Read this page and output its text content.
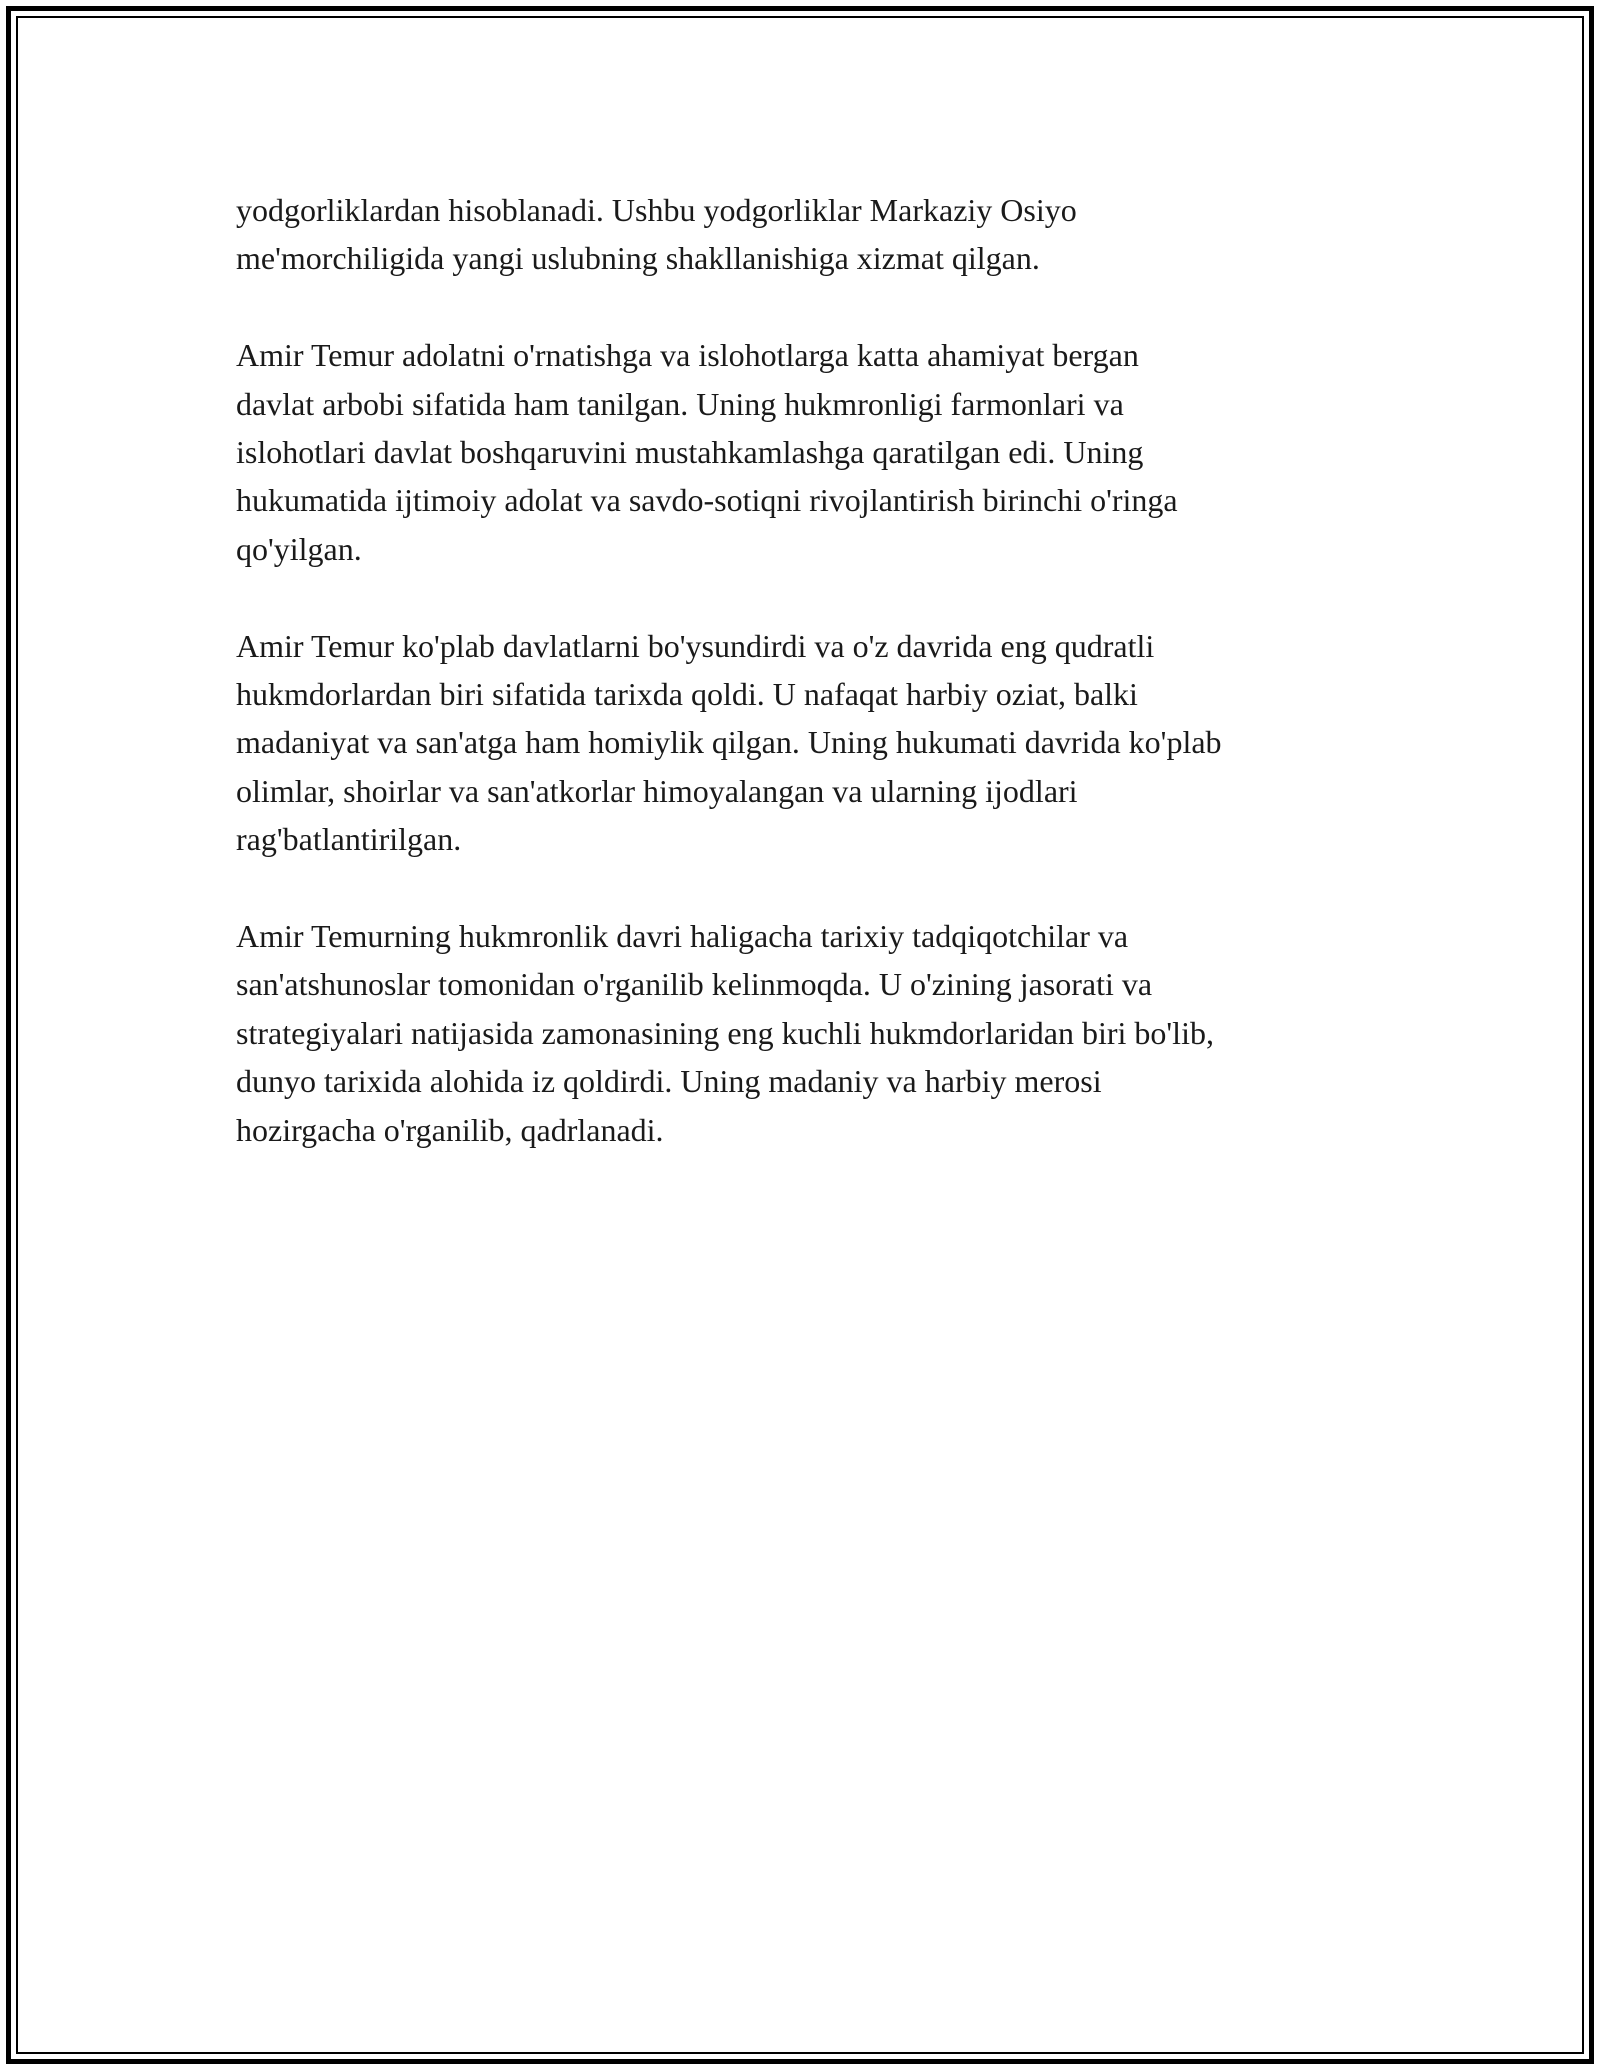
yodgorliklardan hisoblanadi. Ushbu yodgorliklar Markaziy Osiyo
me'morchiligida yangi uslubning shakllanishiga xizmat qilgan.

Amir Temur adolatni o'rnatishga va islohotlarga katta ahamiyat bergan
davlat arbobi sifatida ham tanilgan. Uning hukmronligi farmonlari va
islohotlari davlat boshqaruvini mustahkamlashga qaratilgan edi. Uning
hukumatida ijtimoiy adolat va savdo-sotiqni rivojlantirish birinchi o'ringa
qo'yilgan.

Amir Temur ko'plab davlatlarni bo'ysundirdi va o'z davrida eng qudratli
hukmdorlardan biri sifatida tarixda qoldi. U nafaqat harbiy oziat, balki
madaniyat va san'atga ham homiylik qilgan. Uning hukumati davrida ko'plab
olimlar, shoirlar va san'atkorlar himoyalangan va ularning ijodlari
rag'batlantirilgan.

Amir Temurning hukmronlik davri haligacha tarixiy tadqiqotchilar va
san'atshunoslar tomonidan o'rganilib kelinmoqda. U o'zining jasorati va
strategiyalari natijasida zamonasining eng kuchli hukmdorlaridan biri bo'lib,
dunyo tarixida alohida iz qoldirdi. Uning madaniy va harbiy merosi
hozirgacha o'rganilib, qadrlanadi.
